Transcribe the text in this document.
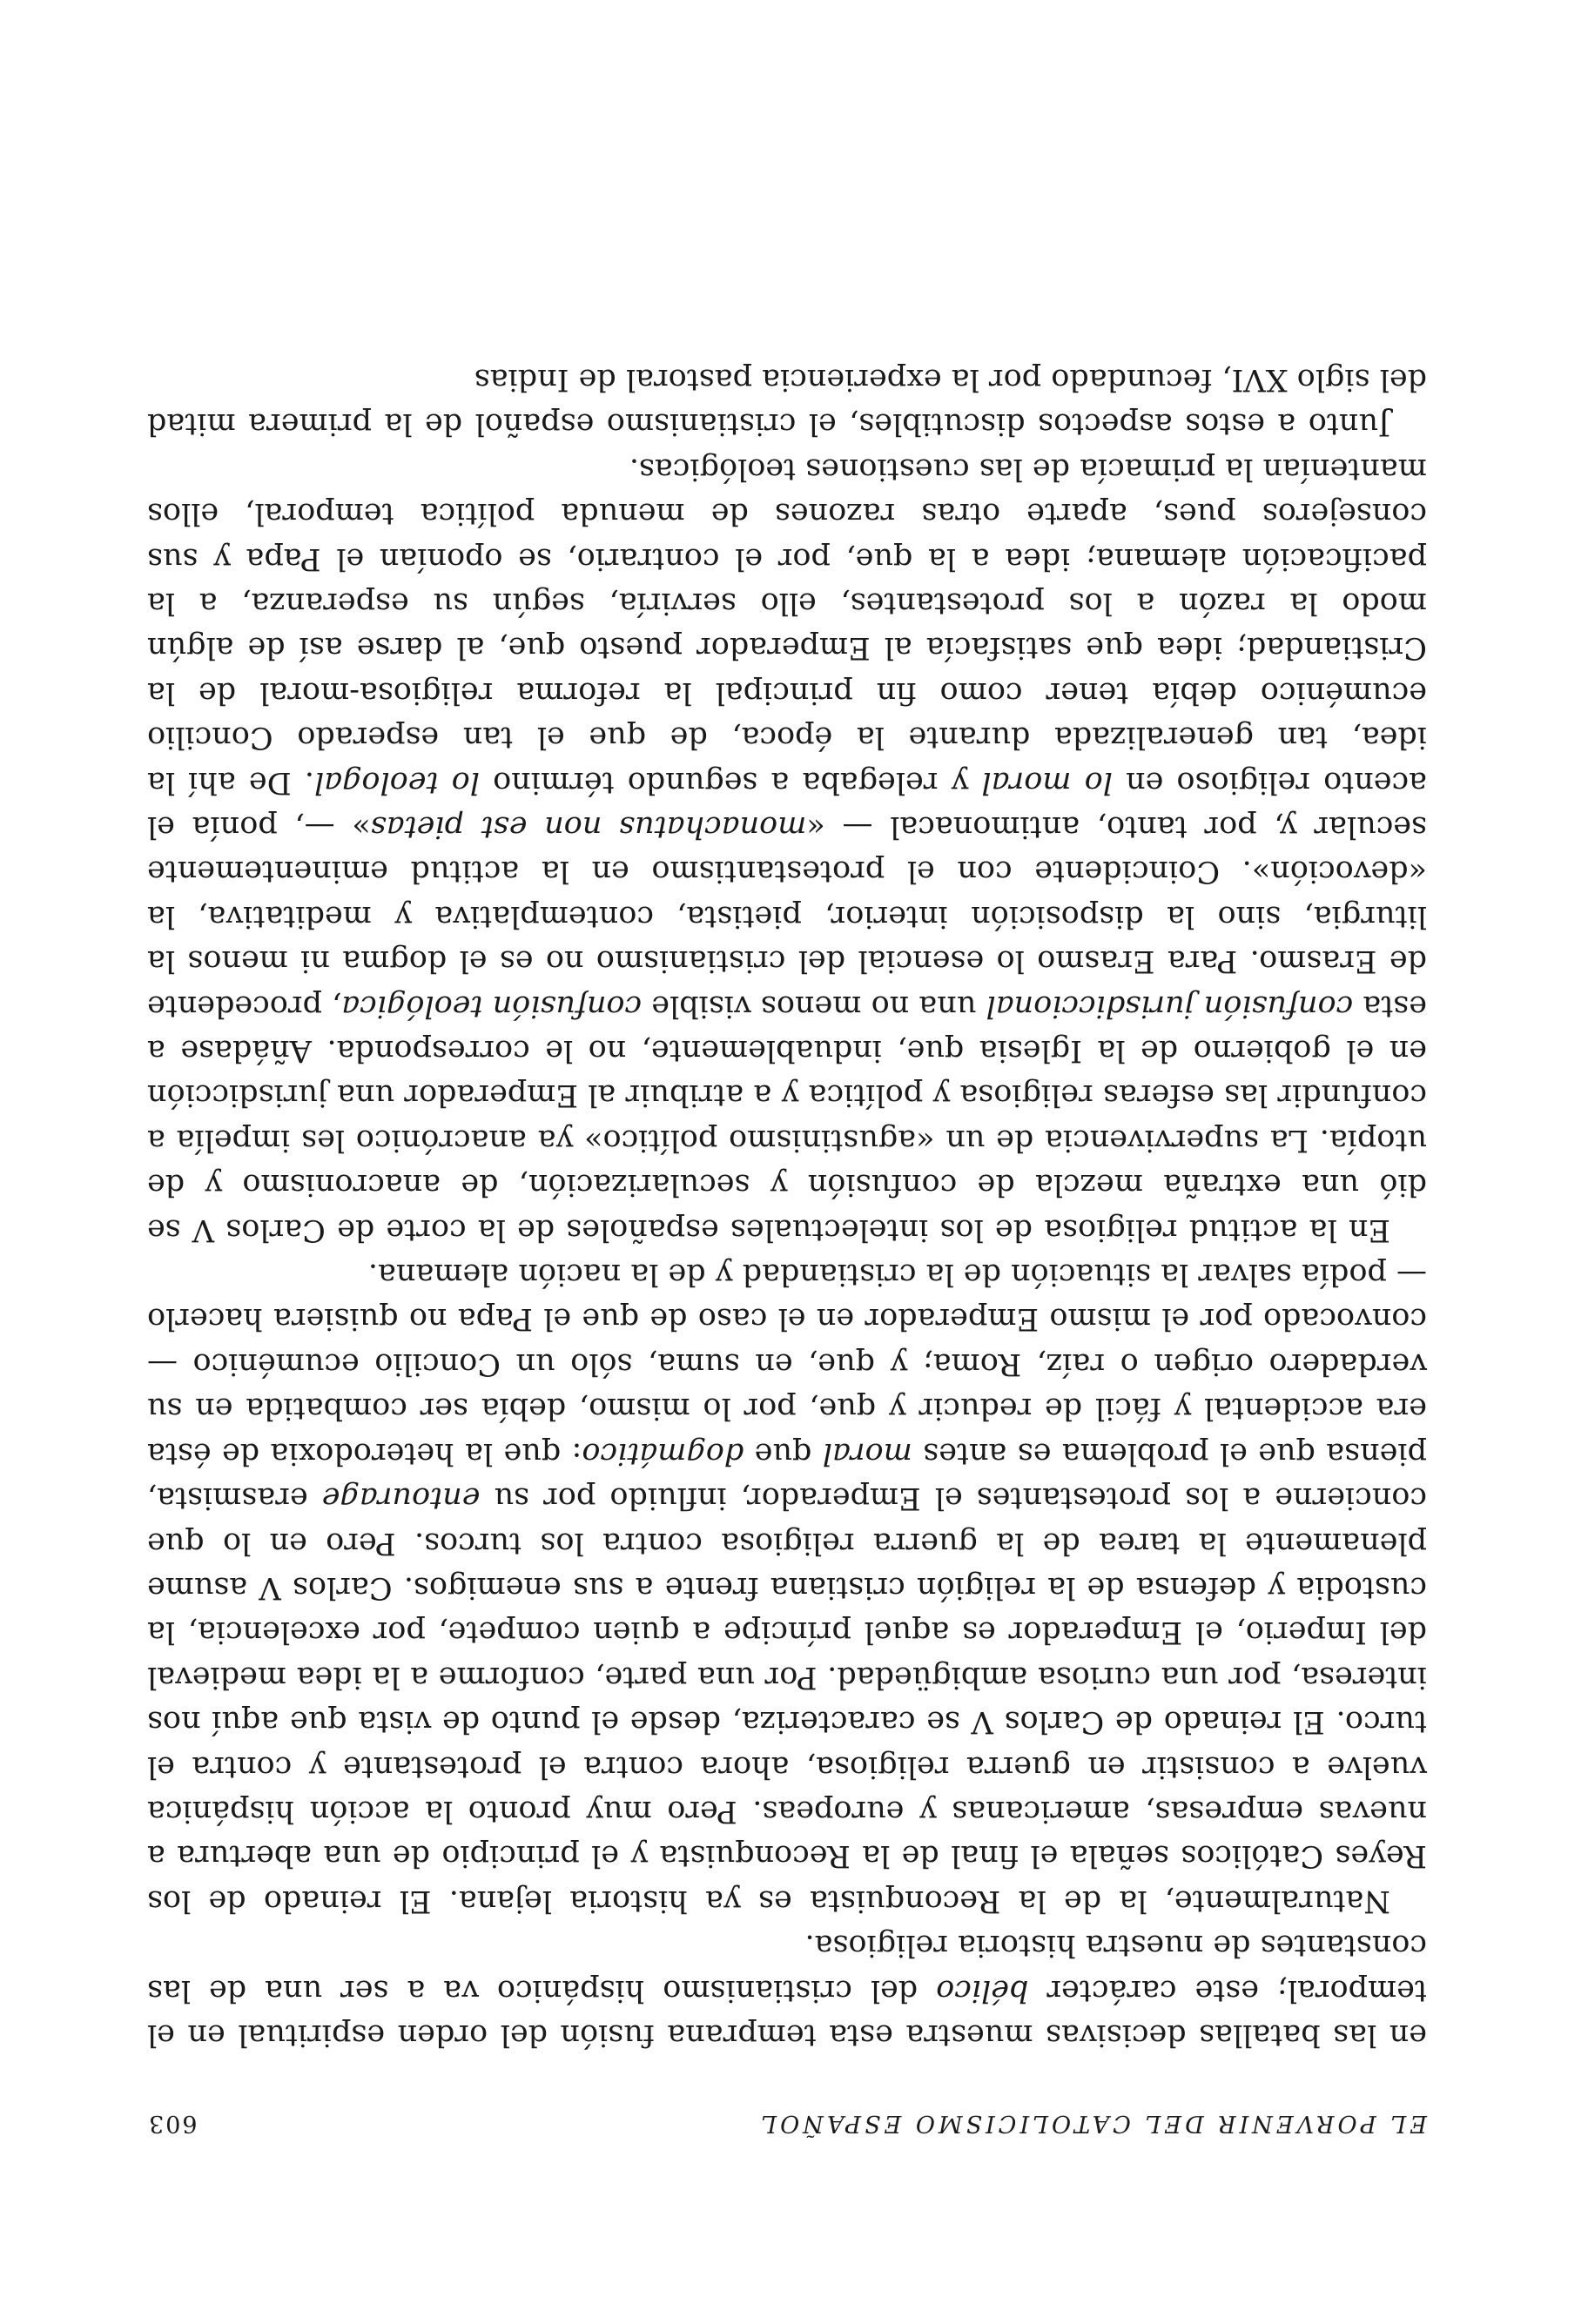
EL PORVENIR DEL CATOLICISMO ESPAÑOL
603

en las batallas decisivas muestra esta temprana fusión del orden espiritual en el temporal; este carácter bélico del cristianismo hispánico va a ser una de las constantes de nuestra historia religiosa.

Naturalmente, la de la Reconquista es ya historia lejana. El reinado de los Reyes Católicos señala el final de la Reconquista y el principio de una abertura a nuevas empresas, americanas y europeas. Pero muy pronto la acción hispánica vuelve a consistir en guerra religiosa, ahora contra el protestante y contra el turco. El reinado de Carlos V se caracteriza, desde el punto de vista que aquí nos interesa, por una curiosa ambigüedad. Por una parte, conforme a la idea medieval del Imperio, el Emperador es aquel príncipe a quien compete, por excelencia, la custodia y defensa de la religión cristiana frente a sus enemigos. Carlos V asume plenamente la tarea de la guerra religiosa contra los turcos. Pero en lo que concierne a los protestantes el Emperador, influido por su entourage erasmista, piensa que el problema es antes moral que dogmático: que la heterodoxia de ésta era accidental y fácil de reducir y que, por lo mismo, debía ser combatida en su verdadero origen o raíz, Roma; y que, en suma, sólo un Concilio ecuménico — convocado por el mismo Emperador en el caso de que el Papa no quisiera hacerlo — podía salvar la situación de la cristiandad y de la nación alemana.

En la actitud religiosa de los intelectuales españoles de la corte de Carlos V se dió una extraña mezcla de confusión y secularización, de anacronismo y de utopía. La supervivencia de un «agustinismo político» ya anacrónico les impelía a confundir las esferas religiosa y política y a atribuir al Emperador una jurisdicción en el gobierno de la Iglesia que, induablemente, no le corresponda. Añádase a esta confusión jurisdiccional una no menos visible confusión teológica, procedente de Erasmo. Para Erasmo lo esencial del cristianismo no es el dogma ni menos la liturgia, sino la disposición interior, pietista, contemplativa y meditativa, la «devoción». Coincidente con el protestantismo en la actitud eminentemente secular y, por tanto, antimonacal — «monachatus non est pietas» —, ponía el acento religioso en lo moral y relegaba a segundo término lo teologal. De ahí la idea, tan generalizada durante la época, de que el tan esperado Concilio ecuménico debía tener como fin principal la reforma religiosa-moral de la Cristiandad; idea que satisfacía al Emperador puesto que, al darse así de algún modo la razón a los protestantes, ello serviría, según su esperanza, a la pacificación alemana; idea a la que, por el contrario, se oponían el Papa y sus consejeros pues, aparte otras razones de menuda política temporal, ellos mantenían la primacía de las cuestiones teológicas.

Junto a estos aspectos discutibles, el cristianismo español de la primera mitad del siglo XVI, fecundado por la experiencia pastoral de Indias
